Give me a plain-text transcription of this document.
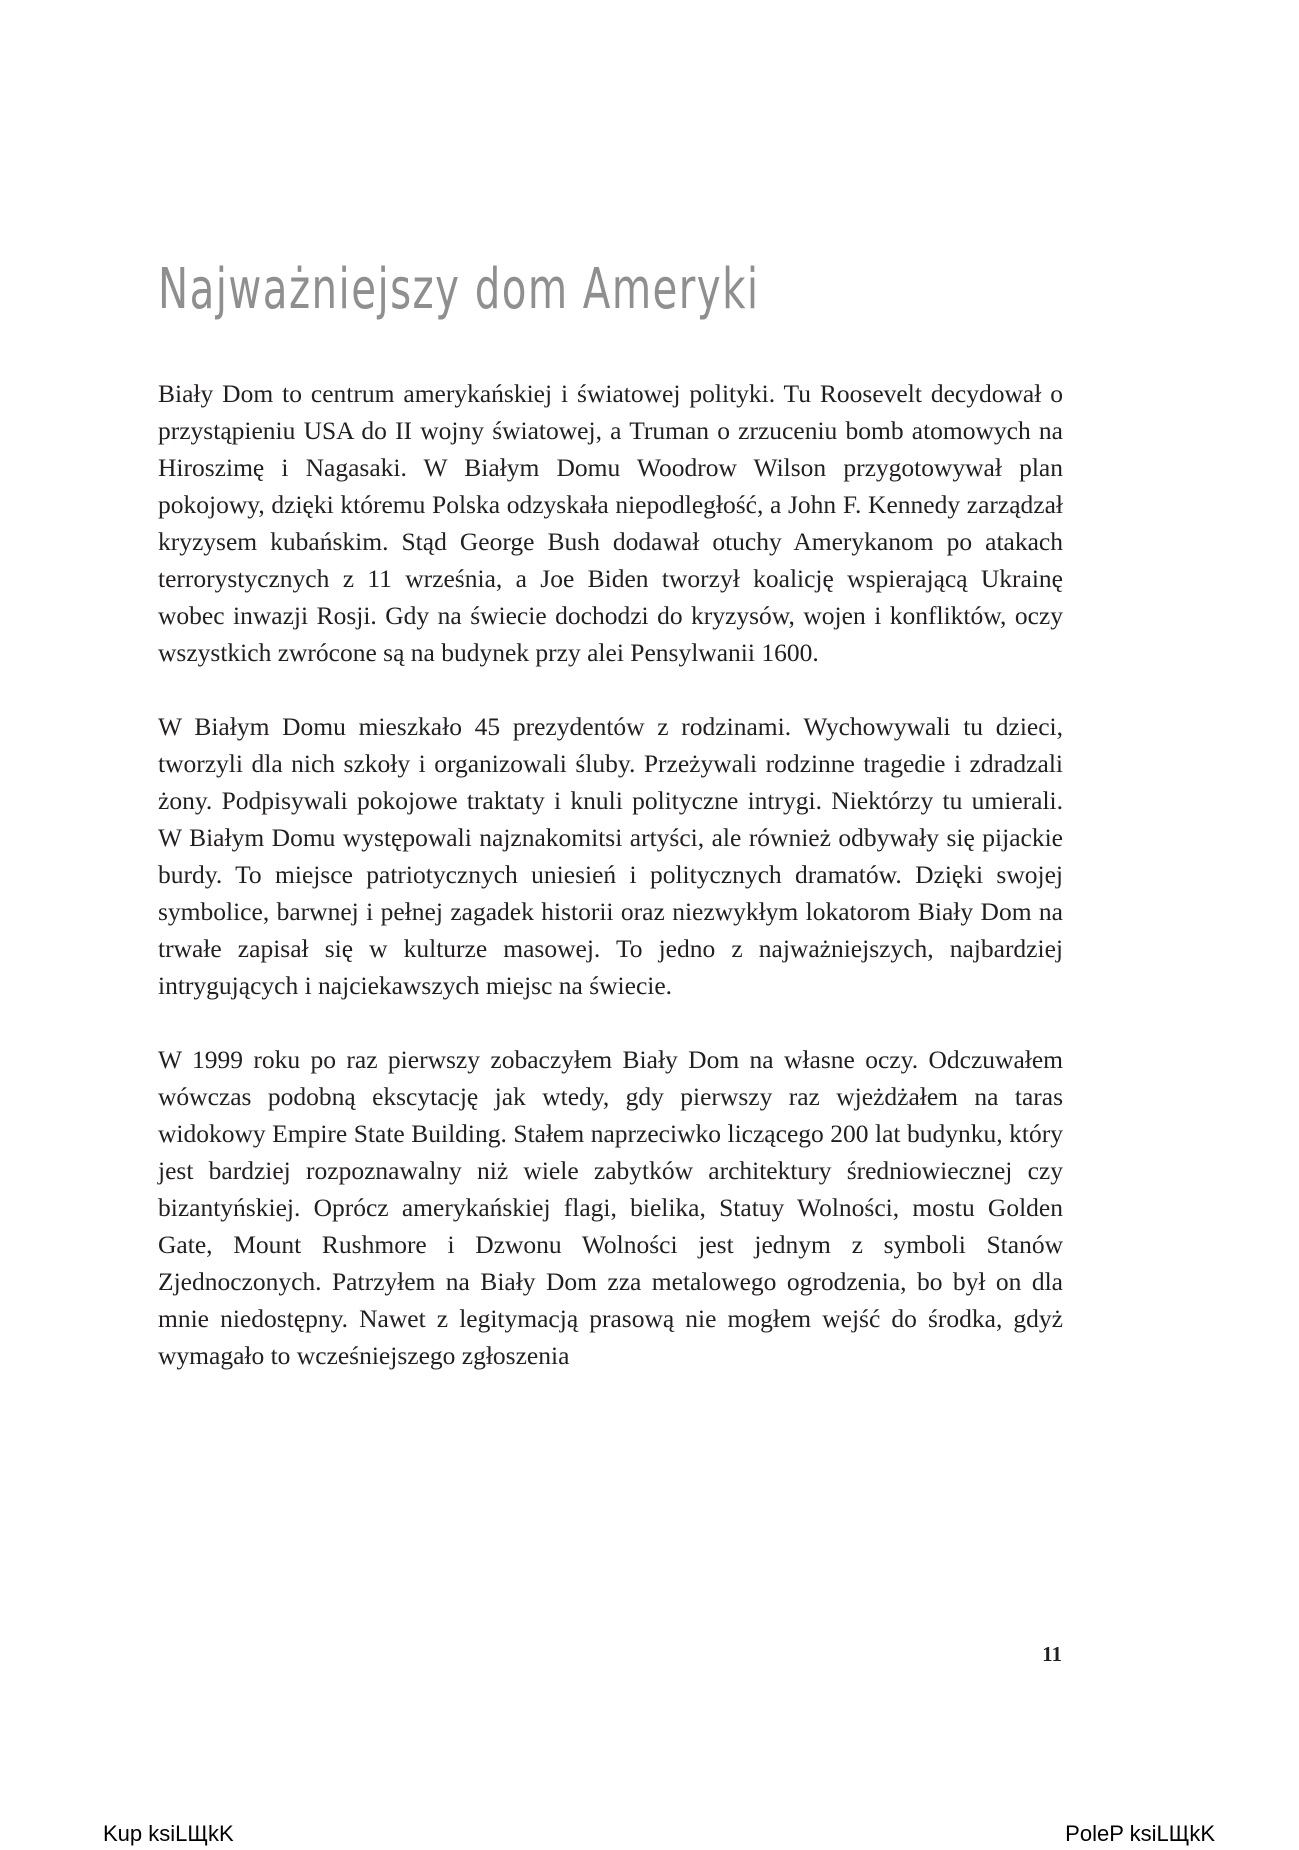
Najważniejszy dom Ameryki

Biały Dom to centrum amerykańskiej i światowej polityki. Tu Roosevelt decydował o przystąpieniu USA do II wojny światowej, a Truman o zrzuceniu bomb atomowych na Hiroszimę i Nagasaki. W Białym Domu Woodrow Wilson przygotowywał plan pokojowy, dzięki któremu Polska odzyskała niepodległość, a John F. Kennedy zarządzał kryzysem kubańskim. Stąd George Bush dodawał otuchy Amerykanom po atakach terrorystycznych z 11 września, a Joe Biden tworzył koalicję wspierającą Ukrainę wobec inwazji Rosji. Gdy na świecie dochodzi do kryzysów, wojen i konfliktów, oczy wszystkich zwrócone są na budynek przy alei Pensylwanii 1600.

W Białym Domu mieszkało 45 prezydentów z rodzinami. Wychowywali tu dzieci, tworzyli dla nich szkoły i organizowali śluby. Przeżywali rodzinne tragedie i zdradzali żony. Podpisywali pokojowe traktaty i knuli polityczne intrygi. Niektórzy tu umierali. W Białym Domu występowali najznakomitsi artyści, ale również odbywały się pijackie burdy. To miejsce patriotycznych uniesień i politycznych dramatów. Dzięki swojej symbolice, barwnej i pełnej zagadek historii oraz niezwykłym lokatorom Biały Dom na trwałe zapisał się w kulturze masowej. To jedno z najważniejszych, najbardziej intrygujących i najciekawszych miejsc na świecie.

W 1999 roku po raz pierwszy zobaczyłem Biały Dom na własne oczy. Odczuwałem wówczas podobną ekscytację jak wtedy, gdy pierwszy raz wjeżdżałem na taras widokowy Empire State Building. Stałem naprzeciwko liczącego 200 lat budynku, który jest bardziej rozpoznawalny niż wiele zabytków architektury średniowiecznej czy bizantyńskiej. Oprócz amerykańskiej flagi, bielika, Statuy Wolności, mostu Golden Gate, Mount Rushmore i Dzwonu Wolności jest jednym z symboli Stanów Zjednoczonych. Patrzyłem na Biały Dom zza metalowego ogrodzenia, bo był on dla mnie niedostępny. Nawet z legitymacją prasową nie mogłem wejść do środka, gdyż wymagało to wcześniejszego zgłoszenia

11
Kup ksiLЩkK	PoleP ksiLЩkK
